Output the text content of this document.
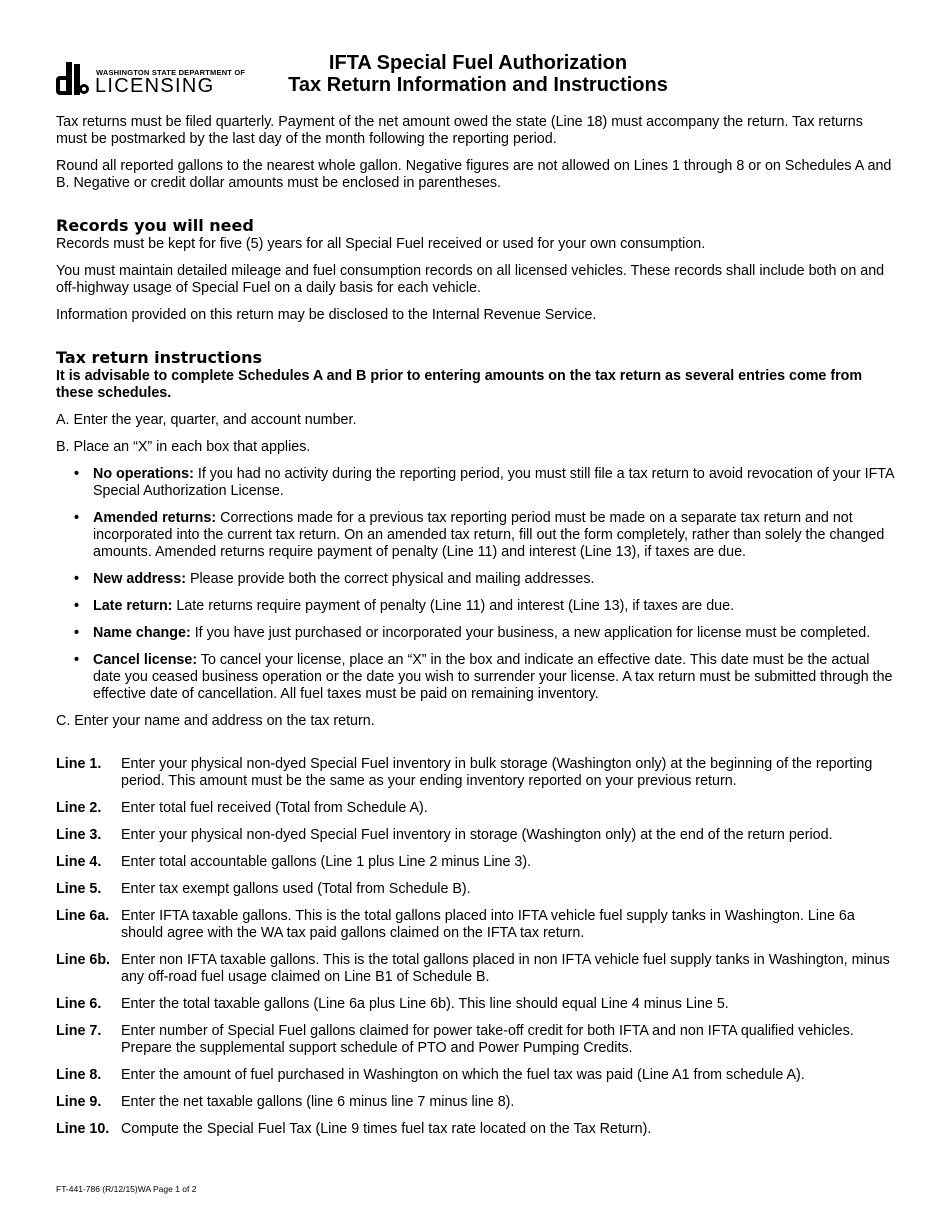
WASHINGTON STATE DEPARTMENT OF
LICENSING
IFTA Special Fuel Authorization
Tax Return Information and Instructions

Tax returns must be filed quarterly. Payment of the net amount owed the state (Line 18) must accompany the return. Tax returns must be postmarked by the last day of the month following the reporting period.

Round all reported gallons to the nearest whole gallon. Negative figures are not allowed on Lines 1 through 8 or on Schedules A and B. Negative or credit dollar amounts must be enclosed in parentheses.

Records you will need

Records must be kept for five (5) years for all Special Fuel received or used for your own consumption.

You must maintain detailed mileage and fuel consumption records on all licensed vehicles. These records shall include both on and off-highway usage of Special Fuel on a daily basis for each vehicle.

Information provided on this return may be disclosed to the Internal Revenue Service.

Tax return instructions

It is advisable to complete Schedules A and B prior to entering amounts on the tax return as several entries come from these schedules.

A. Enter the year, quarter, and account number.

B. Place an “X” in each box that applies.

• No operations: If you had no activity during the reporting period, you must still file a tax return to avoid revocation of your IFTA Special Authorization License.
• Amended returns: Corrections made for a previous tax reporting period must be made on a separate tax return and not incorporated into the current tax return. On an amended tax return, fill out the form completely, rather than solely the changed amounts. Amended returns require payment of penalty (Line 11) and interest (Line 13), if taxes are due.
• New address: Please provide both the correct physical and mailing addresses.
• Late return: Late returns require payment of penalty (Line 11) and interest (Line 13), if taxes are due.
• Name change: If you have just purchased or incorporated your business, a new application for license must be completed.
• Cancel license: To cancel your license, place an “X” in the box and indicate an effective date. This date must be the actual date you ceased business operation or the date you wish to surrender your license. A tax return must be submitted through the effective date of cancellation. All fuel taxes must be paid on remaining inventory.

C. Enter your name and address on the tax return.

Line 1.	Enter your physical non-dyed Special Fuel inventory in bulk storage (Washington only) at the beginning of the reporting period. This amount must be the same as your ending inventory reported on your previous return.
Line 2.	Enter total fuel received (Total from Schedule A).
Line 3.	Enter your physical non-dyed Special Fuel inventory in storage (Washington only) at the end of the return period.
Line 4.	Enter total accountable gallons (Line 1 plus Line 2 minus Line 3).
Line 5.	Enter tax exempt gallons used (Total from Schedule B).
Line 6a. Enter IFTA taxable gallons. This is the total gallons placed into IFTA vehicle fuel supply tanks in Washington. Line 6a should agree with the WA tax paid gallons claimed on the IFTA tax return.
Line 6b. Enter non IFTA taxable gallons. This is the total gallons placed in non IFTA vehicle fuel supply tanks in Washington, minus any off-road fuel usage claimed on Line B1 of Schedule B.
Line 6.	Enter the total taxable gallons (Line 6a plus Line 6b). This line should equal Line 4 minus Line 5.
Line 7.	Enter number of Special Fuel gallons claimed for power take-off credit for both IFTA and non IFTA qualified vehicles. Prepare the supplemental support schedule of PTO and Power Pumping Credits.
Line 8.	Enter the amount of fuel purchased in Washington on which the fuel tax was paid (Line A1 from schedule A).
Line 9.	Enter the net taxable gallons (line 6 minus line 7 minus line 8).
Line 10. Compute the Special Fuel Tax (Line 9 times fuel tax rate located on the Tax Return).
FT-441-786 (R/12/15)WA Page 1 of 2
